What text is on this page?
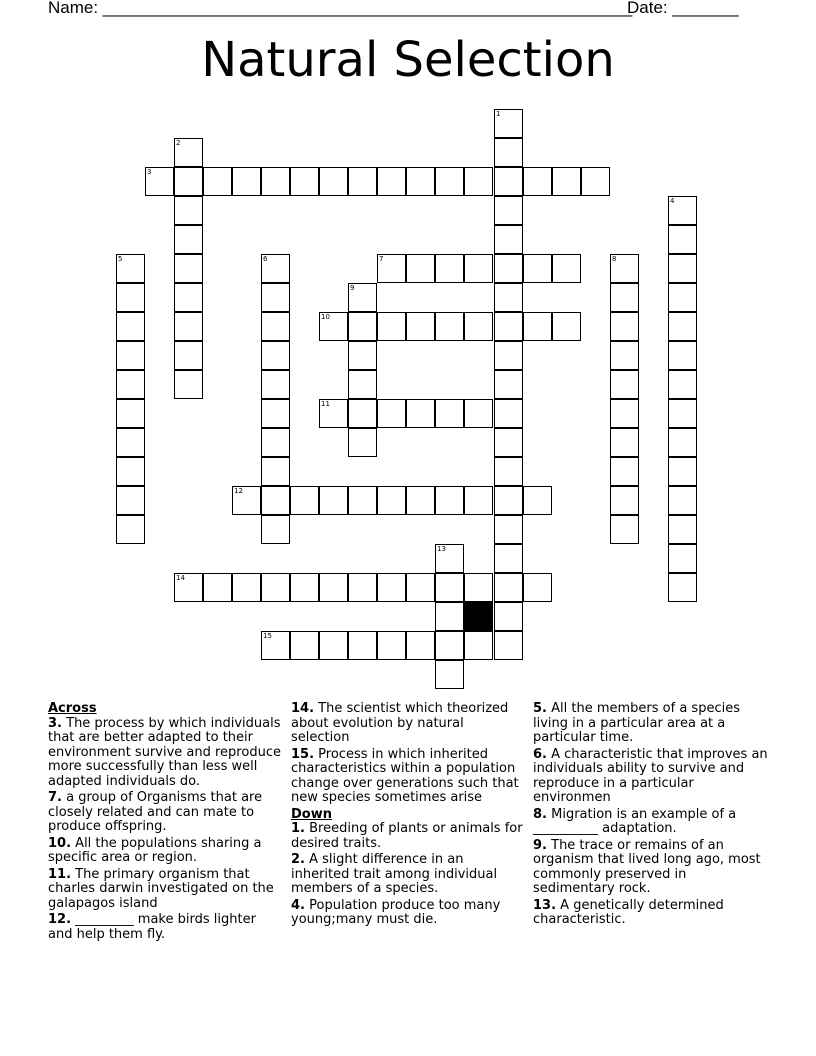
Name: ________________________________________________________
Date: _______
Natural Selection
1
2
3
4
5	6	7	8
9
10
11
12
13
14
15
Across
3. The process by which individuals that are better adapted to their environment survive and reproduce more successfully than less well adapted individuals do.
7. a group of Organisms that are closely related and can mate to produce offspring.
10. All the populations sharing a specific area or region.
11. The primary organism that charles darwin investigated on the galapagos island
12. _________ make birds lighter and help them fly.
14. The scientist which theorized about evolution by natural selection
15. Process in which inherited characteristics within a population change over generations such that new species sometimes arise
Down
1. Breeding of plants or animals for desired traits.
2. A slight difference in an inherited trait among individual members of a species.
4. Population produce too many young;many must die.
5. All the members of a species living in a particular area at a particular time.
6. A characteristic that improves an individuals ability to survive and reproduce in a particular environmen
8. Migration is an example of a __________ adaptation.
9. The trace or remains of an organism that lived long ago, most commonly preserved in sedimentary rock.
13. A genetically determined characteristic.
